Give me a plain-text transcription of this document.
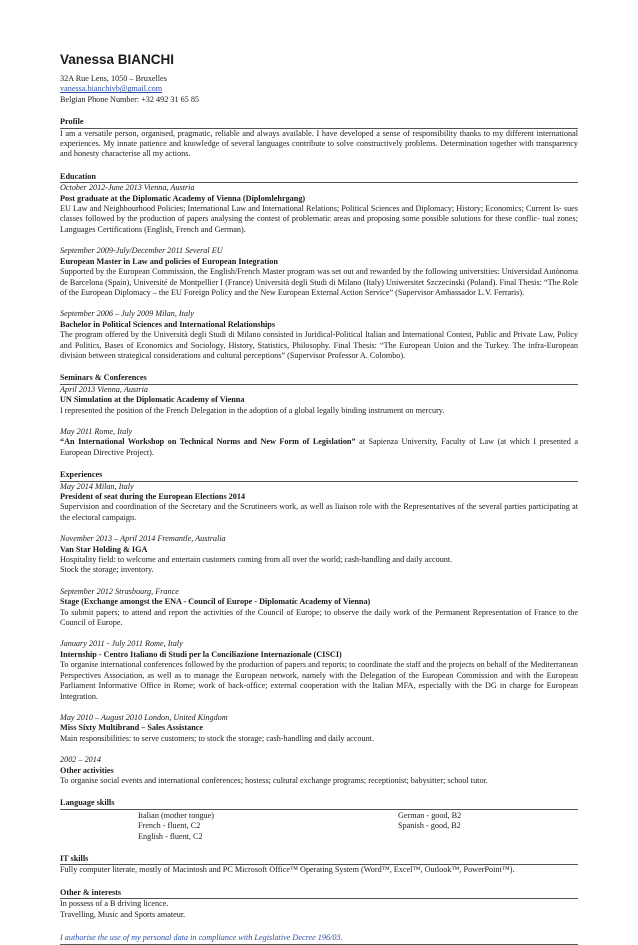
Vanessa BIANCHI
32A Rue Lens, 1050 – Bruxelles
vanessa.bianchivb@gmail.com
Belgian Phone Number: +32 492 31 65 85
Profile
I am a versatile person, organised, pragmatic, reliable and always available. I have developed a sense of responsibility thanks to my different international experiences. My innate patience and knowledge of several languages contribute to solve constructively problems. Determination together with transparency and honesty characterise all my actions.
Education
October 2012-June 2013 Vienna, Austria
Post graduate at the Diplomatic Academy of Vienna (Diplomlehrgang)
EU Law and Neighbourhood Policies; International Law and International Relations; Political Sciences and Diplomacy; History; Economics; Current Is- sues classes followed by the production of papers analysing the contest of problematic areas and proposing some possible solutions for these conflic- tual zones; Languages Certifications (English, French and German).
September 2009-July/December 2011 Several EU
European Master in Law and policies of European Integration
Supported by the European Commission, the English/French Master program was set out and rewarded by the following universities: Universidad Autònoma de Barcelona (Spain), Université de Montpellier I (France) Università degli Studi di Milano (Italy) Uniwersitet Szczecinski (Poland). Final Thesis: “The Role of the European Diplomacy – the EU Foreign Policy and the New European External Action Service” (Supervisor Ambassador L.V. Ferraris).
September 2006 – July 2009 Milan, Italy
Bachelor in Political Sciences and International Relationships
The program offered by the Università degli Studi di Milano consisted in Juridical-Political Italian and International Contest, Public and Private Law, Policy and Politics, Bases of Economics and Sociology, History, Statistics, Philosophy. Final Thesis: “The European Union and the Turkey. The infra-European division between strategical considerations and cultural perceptions” (Supervisor Professor A. Colombo).
Seminars & Conferences
April 2013 Vienna, Austria
UN Simulation at the Diplomatic Academy of Vienna
I represented the position of the French Delegation in the adoption of a global legally binding instrument on mercury.
May 2011 Rome, Italy
“An International Workshop on Technical Norms and New Form of Legislation” at Sapienza University, Faculty of Law (at which I presented a European Directive Project).
Experiences
May 2014 Milan, Italy
President of seat during the European Elections 2014
Supervision and coordination of the Secretary and the Scrutineers work, as well as liaison role with the Representatives of the several parties participating at the electoral campaign.
November 2013 – April 2014 Fremantle, Australia
Van Star Holding & IGA
Hospitality field: to welcome and entertain customers coming from all over the world; cash-handling and daily account.
Stock the storage; inventory.
September 2012 Strasbourg, France
Stage (Exchange amongst the ENA - Council of Europe - Diplomatic Academy of Vienna)
To submit papers; to attend and report the activities of the Council of Europe; to observe the daily work of the Permanent Representation of France to the Council of Europe.
January 2011 - July 2011 Rome, Italy
Internship - Centro Italiano di Studi per la Conciliazione Internazionale (CISCI)
To organise international conferences followed by the production of papers and reports; to coordinate the staff and the projects on behalf of the Mediterranean Perspectives Association, as well as to manage the European network, namely with the Delegation of the European Commission and with the European Parliament Informative Office in Rome; work of back-office; external cooperation with the Italian MFA, especially with the DG in charge for European Integration.
May 2010 – August 2010 London, United Kingdom
Miss Sixty Multibrand – Sales Assistance
Main responsibilities: to serve customers; to stock the storage; cash-handling and daily account.
2002 – 2014
Other activities
To organise social events and international conferences; hostess; cultural exchange programs; receptionist; babysitter; school tutor.
Language skills
Italian (mother tongue)
French - fluent, C2
English - fluent, C2
German - good, B2
Spanish - good, B2
IT skills
Fully computer literate, mostly of Macintosh and PC Microsoft Office™ Operating System (Word™, Excel™, Outlook™, PowerPoint™).
Other & interests
In possess of a B driving licence.
Travelling, Music and Sports amateur.
I authorise the use of my personal data in compliance with Legislative Decree 196/03.
